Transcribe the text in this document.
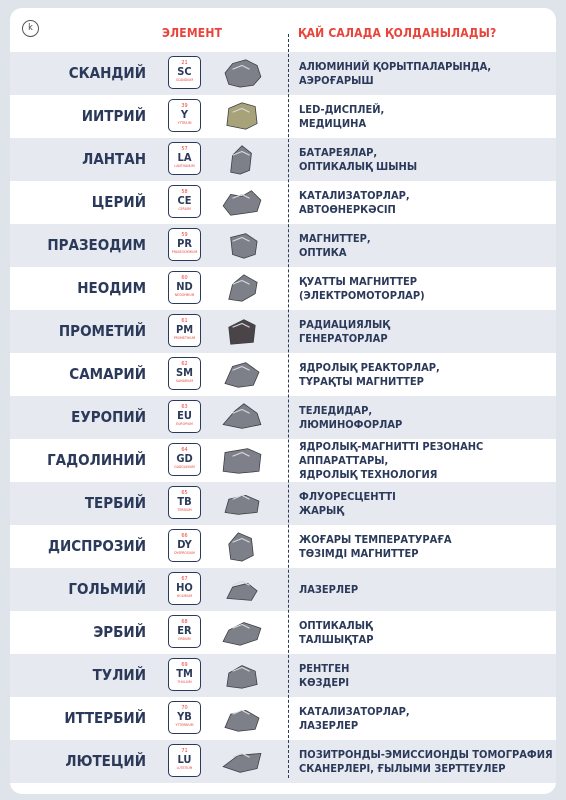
k	ЭЛЕМЕНТ	ҚАЙ САЛАДА ҚОЛДАНЫЛАДЫ?
СКАНДИЙ
21
SC
SCANDIUM
АЛЮМИНИЙ ҚОРЫТПАЛАРЫНДА,
АЭРОҒАРЫШ
ИИТРИЙ
39
Y
YTTRIUM
LED-ДИСПЛЕЙ,
МЕДИЦИНА
ЛАНТАН
57
LA
LANTHANUM
БАТАРЕЯЛАР,
ОПТИКАЛЫҚ ШЫНЫ
ЦЕРИЙ
58
CE
CERIUM
КАТАЛИЗАТОРЛАР,
АВТОӨНЕРКӘСІП
ПРАЗЕОДИМ
59
PR
PRASEODYMIUM
МАГНИТТЕР,
ОПТИКА
НЕОДИМ
60
ND
NEODYMIUM
ҚУАТТЫ МАГНИТТЕР
(ЭЛЕКТРОМОТОРЛАР)
ПРОМЕТИЙ
61
PM
PROMETHIUM
РАДИАЦИЯЛЫҚ
ГЕНЕРАТОРЛАР
САМАРИЙ
62
SM
SAMARIUM
ЯДРОЛЫҚ РЕАКТОРЛАР,
ТҰРАҚТЫ МАГНИТТЕР
ЕУРОПИЙ
63
EU
EUROPIUM
ТЕЛЕДИДАР,
ЛЮМИНОФОРЛАР
ГАДОЛИНИЙ
64
GD
GADOLINIUM
ЯДРОЛЫҚ-МАГНИТТІ РЕЗОНАНС АППАРАТТАРЫ,
ЯДРОЛЫҚ ТЕХНОЛОГИЯ
ТЕРБИЙ
65
TB
TERBIUM
ФЛУОРЕСЦЕНТТІ
ЖАРЫҚ
ДИСПРОЗИЙ
66
DY
DYSPROSIUM
ЖОҒАРЫ ТЕМПЕРАТУРАҒА
ТӨЗІМДІ МАГНИТТЕР
ГОЛЬМИЙ
67
HO
HOLMIUM
ЛАЗЕРЛЕР
ЭРБИЙ
68
ER
ERBIUM
ОПТИКАЛЫҚ
ТАЛШЫҚТАР
ТУЛИЙ
69
TM
THULIUM
РЕНТГЕН
КӨЗДЕРІ
ИТТЕРБИЙ
70
YB
YTTERBIUM
КАТАЛИЗАТОРЛАР,
ЛАЗЕРЛЕР
ЛЮТЕЦИЙ
71
LU
LUTETIUM
ПОЗИТРОНДЫ-ЭМИССИОНДЫ ТОМОГРАФИЯ
СКАНЕРЛЕРІ, ҒЫЛЫМИ ЗЕРТТЕУЛЕР
